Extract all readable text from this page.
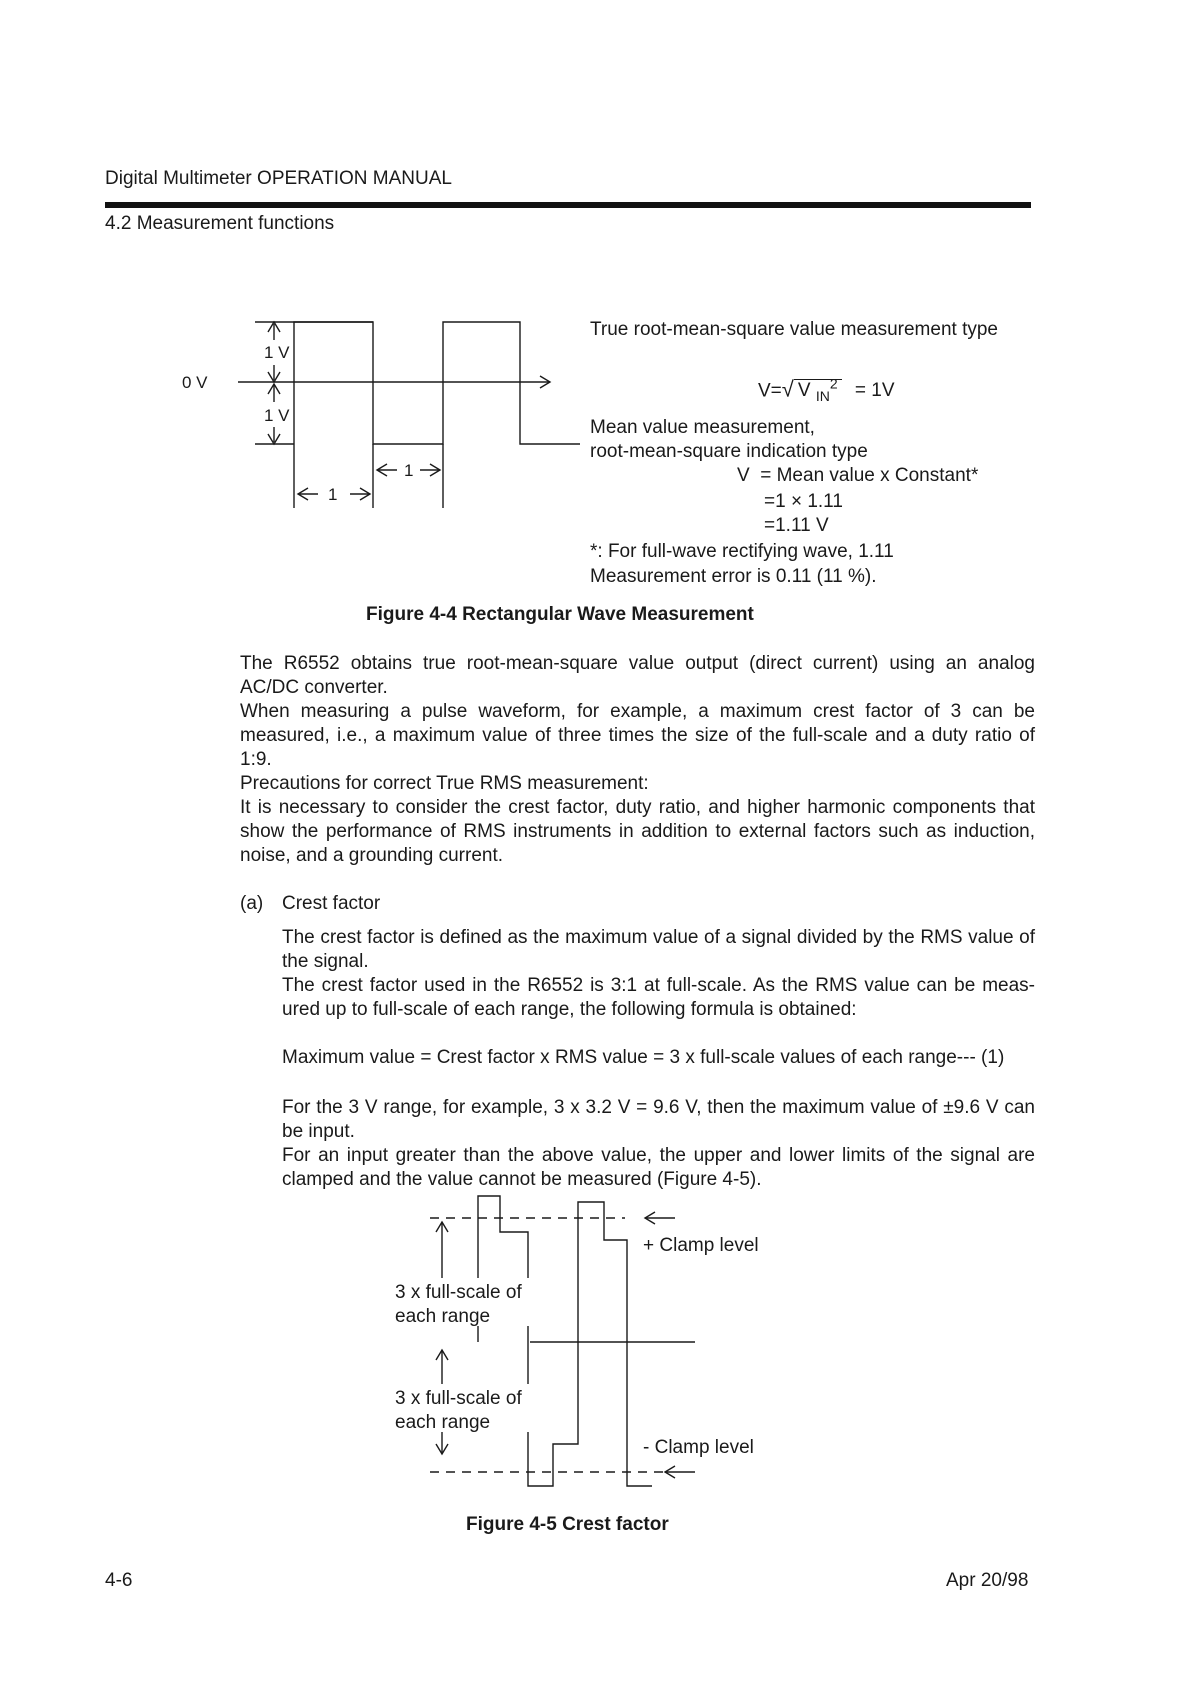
Digital Multimeter OPERATION MANUAL
4.2 Measurement functions
0 V
1 V
1 V
1
1
True root-mean-square value measurement type
V=√ V $_{IN}^2$ = 1V
Mean value measurement,
root-mean-square indication type
V  = Mean value x Constant*
=1 × 1.11
=1.11 V
*: For full-wave rectifying wave, 1.11
Measurement error is 0.11 (11 %).
Figure 4-4 Rectangular Wave Measurement

The R6552 obtains true root-mean-square value output (direct current) using an analog AC/DC converter.

When measuring a pulse waveform, for example, a maximum crest factor of 3 can be measured, i.e., a maximum value of three times the size of the full-scale and a duty ratio of 1:9.

Precautions for correct True RMS measurement:

It is necessary to consider the crest factor, duty ratio, and higher harmonic components that show the performance of RMS instruments in addition to external factors such as induction, noise, and a grounding current.

(a) Crest factor

The crest factor is defined as the maximum value of a signal divided by the RMS value of the signal.

The crest factor used in the R6552 is 3:1 at full-scale. As the RMS value can be meas-ured up to full-scale of each range, the following formula is obtained:

Maximum value = Crest factor x RMS value = 3 x full-scale values of each range--- (1)

For the 3 V range, for example, 3 x 3.2 V = 9.6 V, then the maximum value of ±9.6 V can be input.

For an input greater than the above value, the upper and lower limits of the signal are clamped and the value cannot be measured (Figure 4-5).

3 x full-scale of
each range
3 x full-scale of
each range
+ Clamp level
- Clamp level
Figure 4-5 Crest factor
4-6	Apr 20/98
